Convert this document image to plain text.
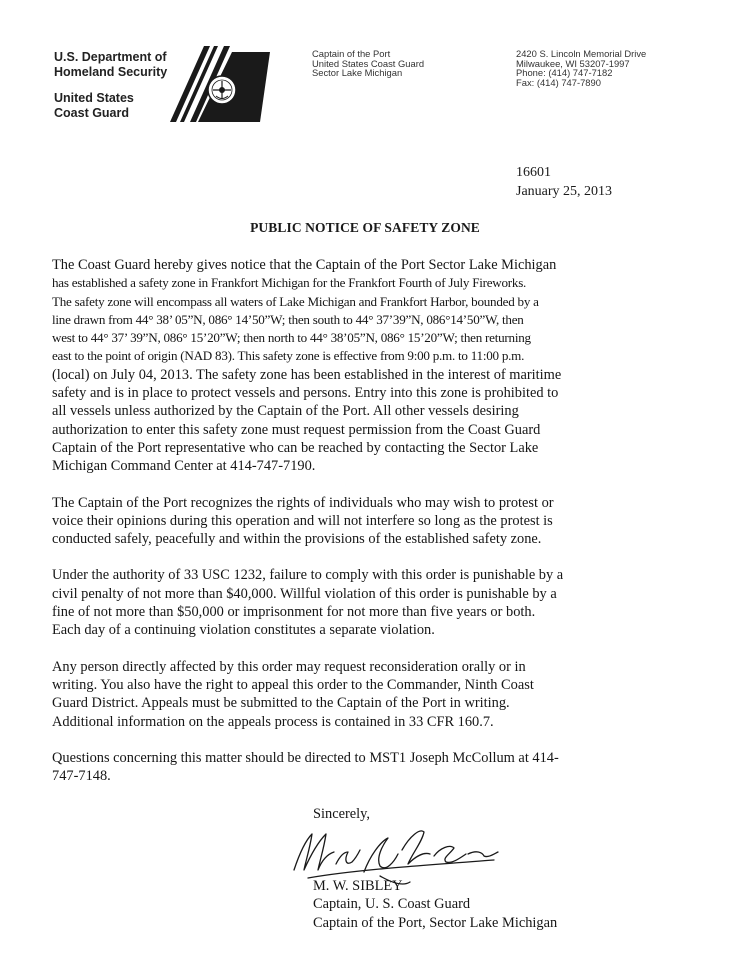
U.S. Department of
Homeland Security
United States
Coast Guard
Captain of the Port
United States Coast Guard
Sector Lake Michigan
2420 S. Lincoln Memorial Drive
Milwaukee, WI 53207-1997
Phone: (414) 747-7182
Fax: (414) 747-7890
16601
January 25, 2013
PUBLIC NOTICE OF SAFETY ZONE

The Coast Guard hereby gives notice that the Captain of the Port Sector Lake Michigan
has established a safety zone in Frankfort Michigan for the Frankfort Fourth of July Fireworks.
The safety zone will encompass all waters of Lake Michigan and Frankfort Harbor, bounded by a
line drawn from 44° 38’ 05”N, 086° 14’50”W; then south to 44° 37’39”N, 086°14’50”W, then
west to 44° 37’ 39”N, 086° 15’20”W; then north to 44° 38’05”N, 086° 15’20”W; then returning
east to the point of origin (NAD 83). This safety zone is effective from 9:00 p.m. to 11:00 p.m.
(local) on July 04, 2013. The safety zone has been established in the interest of maritime
safety and is in place to protect vessels and persons. Entry into this zone is prohibited to
all vessels unless authorized by the Captain of the Port. All other vessels desiring
authorization to enter this safety zone must request permission from the Coast Guard
Captain of the Port representative who can be reached by contacting the Sector Lake
Michigan Command Center at 414-747-7190.

The Captain of the Port recognizes the rights of individuals who may wish to protest or
voice their opinions during this operation and will not interfere so long as the protest is
conducted safely, peacefully and within the provisions of the established safety zone.

Under the authority of 33 USC 1232, failure to comply with this order is punishable by a
civil penalty of not more than $40,000. Willful violation of this order is punishable by a
fine of not more than $50,000 or imprisonment for not more than five years or both.
Each day of a continuing violation constitutes a separate violation.

Any person directly affected by this order may request reconsideration orally or in
writing. You also have the right to appeal this order to the Commander, Ninth Coast
Guard District. Appeals must be submitted to the Captain of the Port in writing.
Additional information on the appeals process is contained in 33 CFR 160.7.

Questions concerning this matter should be directed to MST1 Joseph McCollum at 414-
747-7148.

Sincerely,
M. W. SIBLEY
Captain, U. S. Coast Guard
Captain of the Port, Sector Lake Michigan
